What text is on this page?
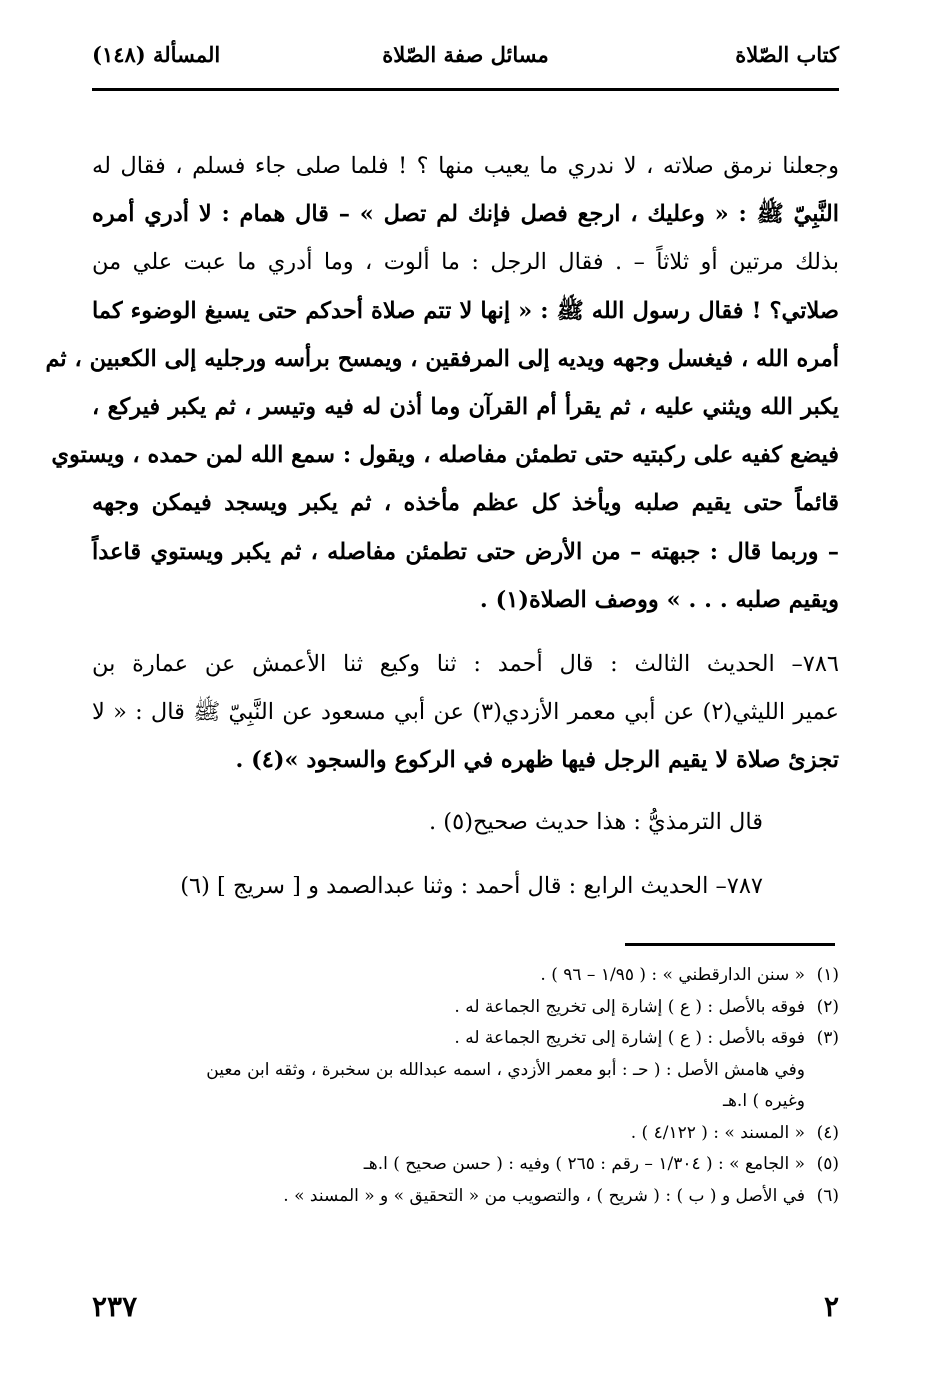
كتاب الصّلاة
مسائل صفة الصّلاة
المسألة (١٤٨)
وجعلنا نرمق صلاته ، لا ندري ما يعيب منها ؟ ! فلما صلى جاء فسلم ، فقال له
النَّبِيّ ﷺ : « وعليك ، ارجع فصل فإنك لم تصل » – قال همام : لا أدري أمره
بذلك مرتين أو ثلاثاً – . فقال الرجل : ما ألوت ، وما أدري ما عبت علي من
صلاتي؟ ! فقال رسول الله ﷺ : « إنها لا تتم صلاة أحدكم حتى يسبغ الوضوء كما
أمره الله ، فيغسل وجهه ويديه إلى المرفقين ، ويمسح برأسه ورجليه إلى الكعبين ، ثم
يكبر الله ويثني عليه ، ثم يقرأ أم القرآن وما أذن له فيه وتيسر ، ثم يكبر فيركع ،
فيضع كفيه على ركبتيه حتى تطمئن مفاصله ، ويقول : سمع الله لمن حمده ، ويستوي
قائماً حتى يقيم صلبه ويأخذ كل عظم مأخذه ، ثم يكبر ويسجد فيمكن وجهه
– وربما قال : جبهته – من الأرض حتى تطمئن مفاصله ، ثم يكبر ويستوي قاعداً
ويقيم صلبه . . . » ووصف الصلاة(١) .
٧٨٦– الحديث الثالث : قال أحمد : ثنا وكيع ثنا الأعمش عن عمارة بن
عمير الليثي(٢) عن أبي معمر الأزدي(٣) عن أبي مسعود عن النَّبِيّ ﷺ قال : « لا
تجزئ صلاة لا يقيم الرجل فيها ظهره في الركوع والسجود »(٤) .
قال الترمذيُّ : هذا حديث صحيح(٥) .
٧٨٧– الحديث الرابع : قال أحمد : وثنا عبدالصمد و [ سريج ] (٦)
(١)« سنن الدارقطني » : ( ١/٩٥ – ٩٦ ) .
(٢)فوقه بالأصل : ( ع ) إشارة إلى تخريج الجماعة له .
(٣)فوقه بالأصل : ( ع ) إشارة إلى تخريج الجماعة له .
وفي هامش الأصل : ( حـ : أبو معمر الأزدي ، اسمه عبدالله بن سخبرة ، وثقه ابن معين
وغيره ) ا.هـ
(٤)« المسند » : ( ٤/١٢٢ ) .
(٥)« الجامع » : ( ١/٣٠٤ – رقم : ٢٦٥ ) وفيه : ( حسن صحيح ) ا.هـ
(٦)في الأصل و ( ب ) : ( شريح ) ، والتصويب من « التحقيق » و « المسند » .
٢
٢٣٧
